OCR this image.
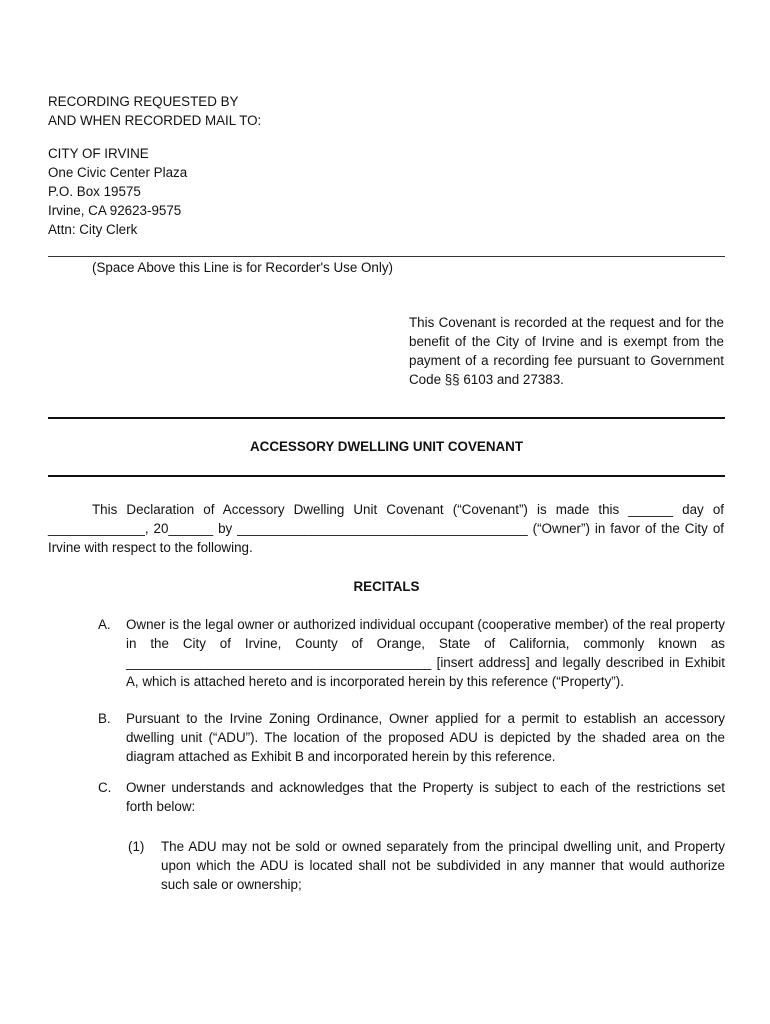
RECORDING REQUESTED BY
AND WHEN RECORDED MAIL TO:
CITY OF IRVINE
One Civic Center Plaza
P.O. Box 19575
Irvine, CA 92623-9575
Attn: City Clerk
(Space Above this Line is for Recorder's Use Only)
This Covenant is recorded at the request and for the benefit of the City of Irvine and is exempt from the payment of a recording fee pursuant to Government Code §§ 6103 and 27383.
ACCESSORY DWELLING UNIT COVENANT
This Declaration of Accessory Dwelling Unit Covenant (“Covenant”) is made this ______ day of _____________, 20______ by _______________________________________ (“Owner”) in favor of the City of Irvine with respect to the following.
RECITALS
A. Owner is the legal owner or authorized individual occupant (cooperative member) of the real property in the City of Irvine, County of Orange, State of California, commonly known as _________________________________________ [insert address] and legally described in Exhibit A, which is attached hereto and is incorporated herein by this reference (“Property”).
B. Pursuant to the Irvine Zoning Ordinance, Owner applied for a permit to establish an accessory dwelling unit (“ADU”). The location of the proposed ADU is depicted by the shaded area on the diagram attached as Exhibit B and incorporated herein by this reference.
C. Owner understands and acknowledges that the Property is subject to each of the restrictions set forth below:
(1) The ADU may not be sold or owned separately from the principal dwelling unit, and Property upon which the ADU is located shall not be subdivided in any manner that would authorize such sale or ownership;
